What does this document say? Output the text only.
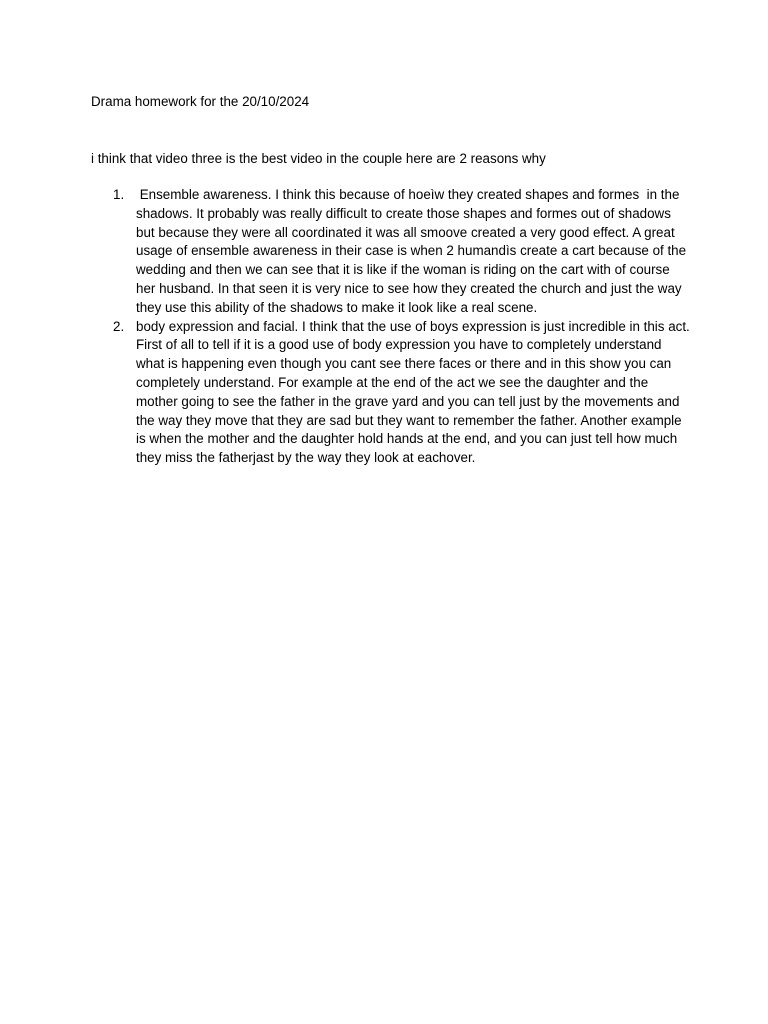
Drama homework for the 20/10/2024
i think that video three is the best video in the couple here are 2 reasons why
1. Ensemble awareness. I think this because of hoeìw they created shapes and formes  in the shadows. It probably was really difficult to create those shapes and formes out of shadows but because they were all coordinated it was all smoove created a very good effect. A great usage of ensemble awareness in their case is when 2 humandìs create a cart because of the wedding and then we can see that it is like if the woman is riding on the cart with of course her husband. In that seen it is very nice to see how they created the church and just the way they use this ability of the shadows to make it look like a real scene.
2. body expression and facial. I think that the use of boys expression is just incredible in this act. First of all to tell if it is a good use of body expression you have to completely understand what is happening even though you cant see there faces or there and in this show you can completely understand. For example at the end of the act we see the daughter and the mother going to see the father in the grave yard and you can tell just by the movements and the way they move that they are sad but they want to remember the father. Another example is when the mother and the daughter hold hands at the end, and you can just tell how much they miss the fatherjast by the way they look at eachover.
